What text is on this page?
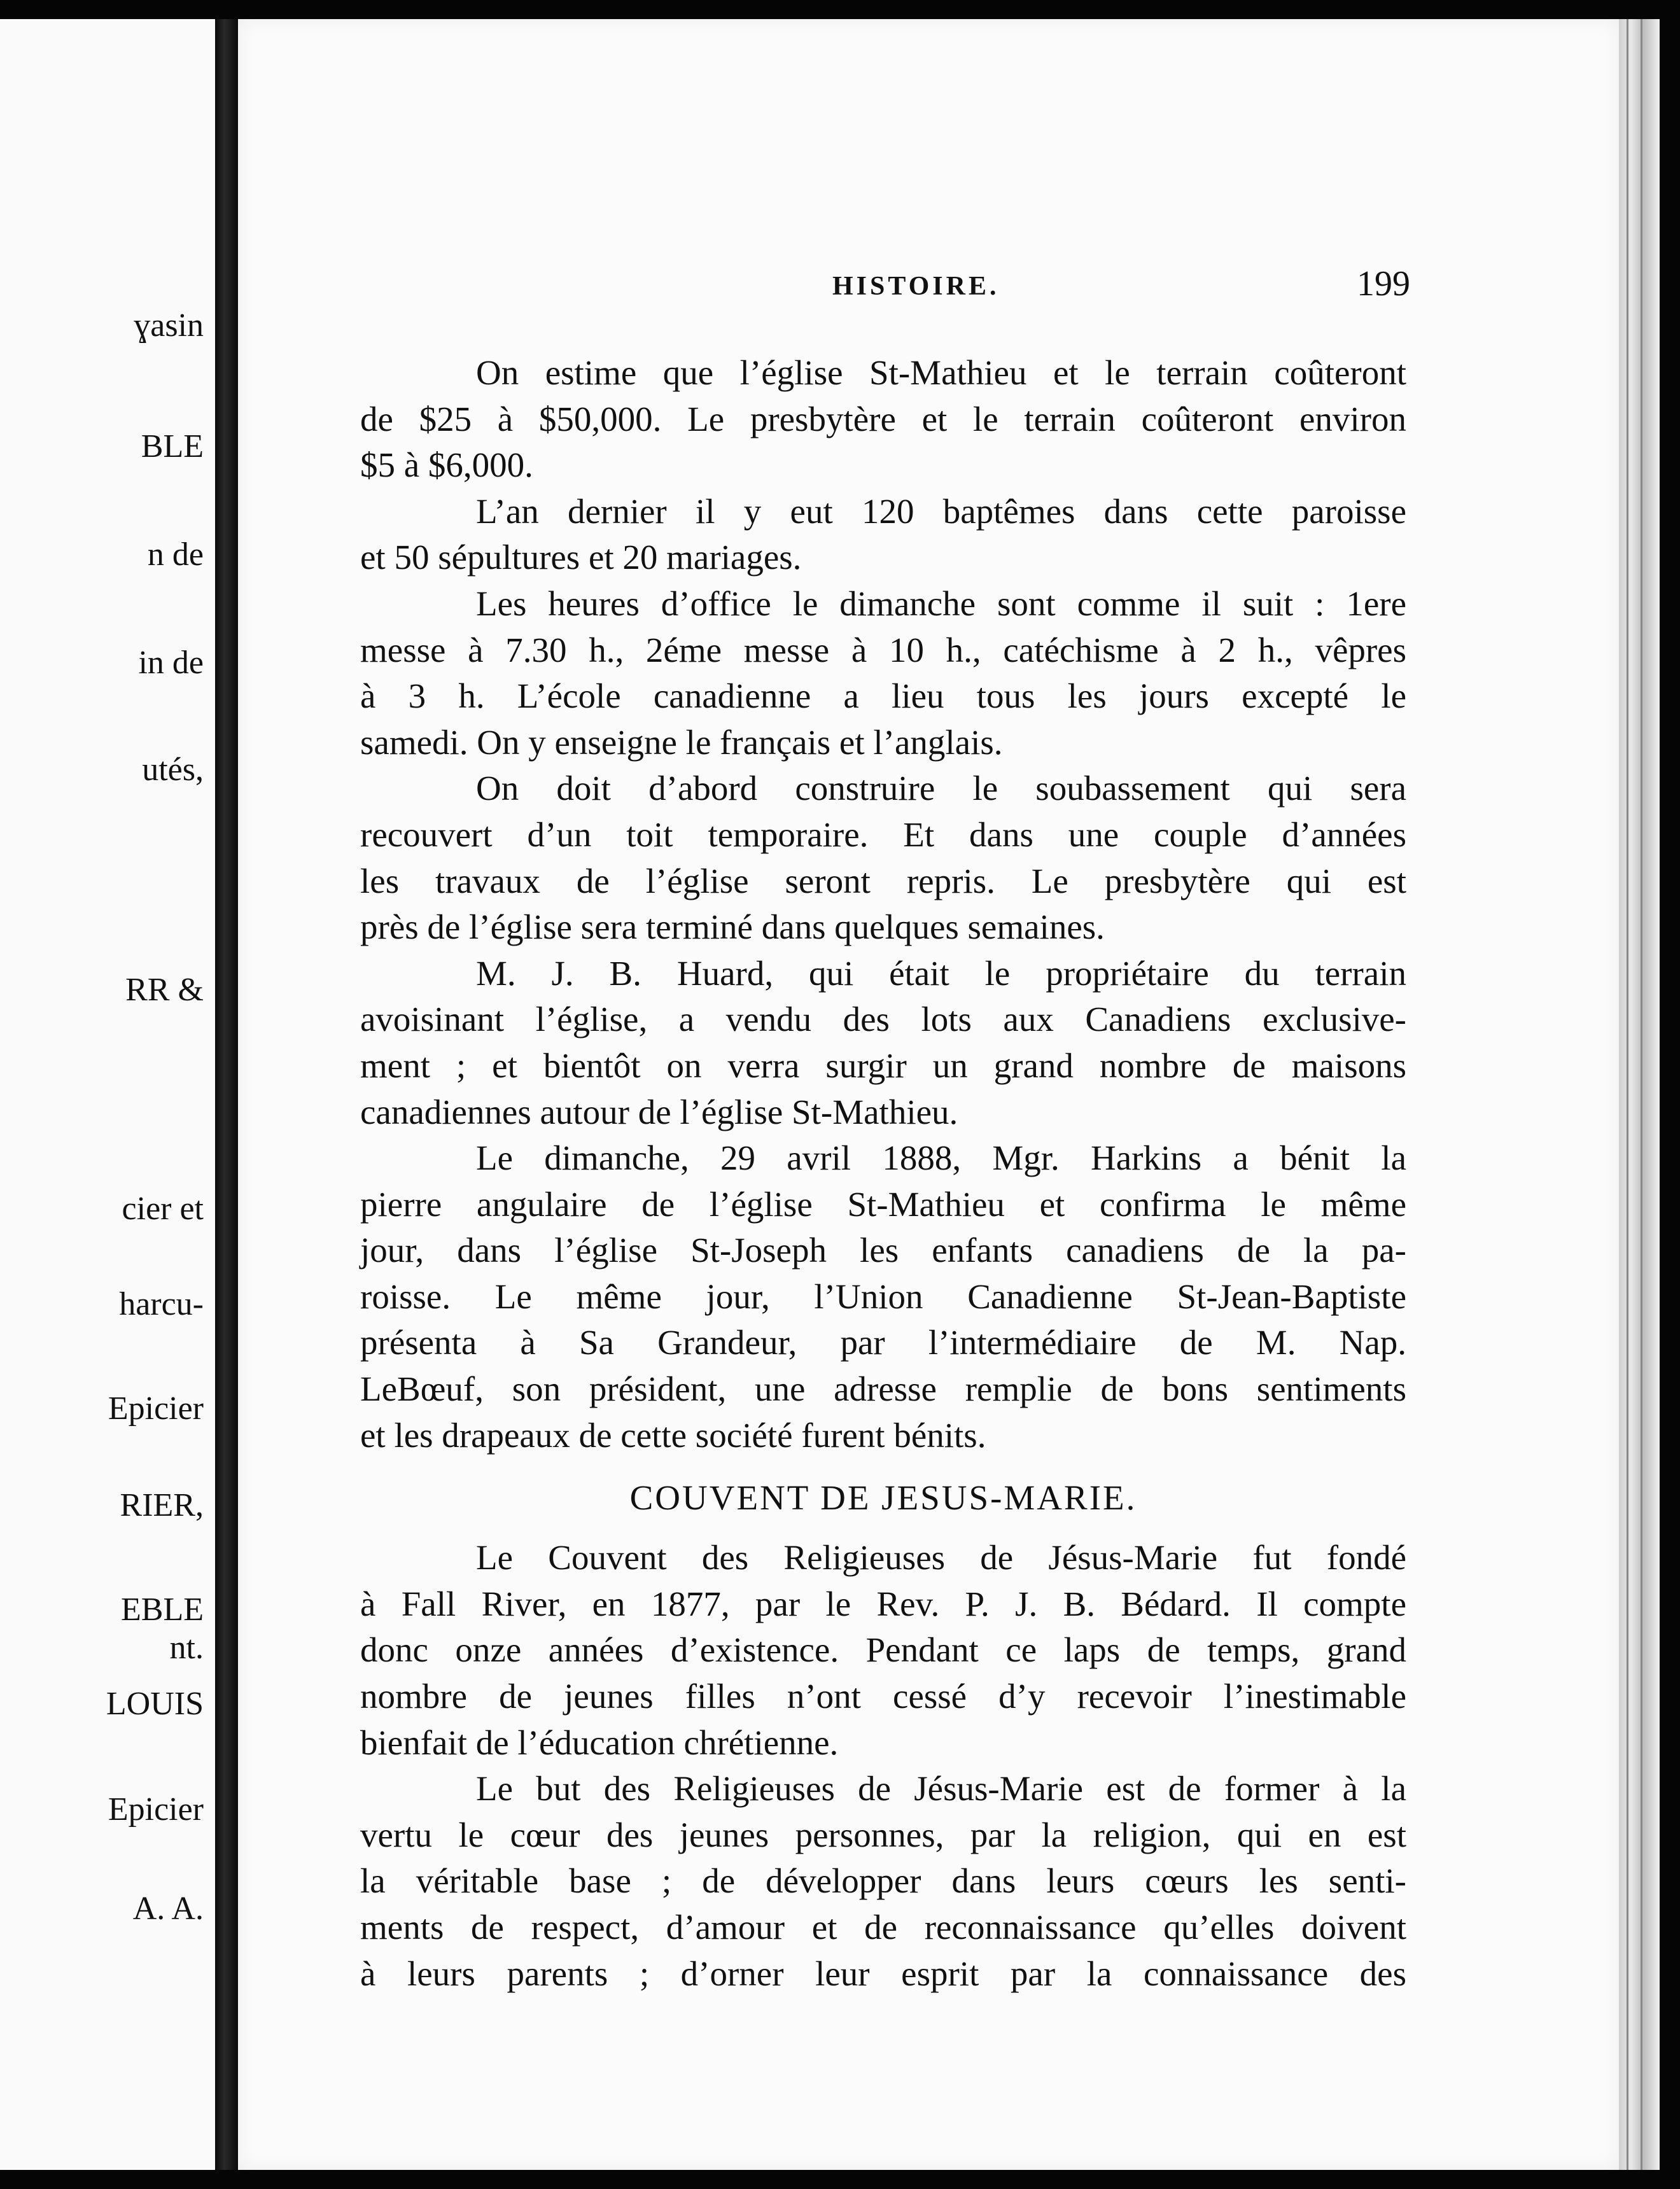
ɣasin
BLE
n de
in de
utés,
RR &
cier et
harcu-
Epicier
RIER,
EBLE
nt.
LOUIS
Epicier
A. A.
HISTOIRE.	199
On estime que l’église St-Mathieu et le terrain coûteront
de $25 à $50,000. Le presbytère et le terrain coûteront environ
$5 à $6,000.
L’an dernier il y eut 120 baptêmes dans cette paroisse
et 50 sépultures et 20 mariages.
Les heures d’office le dimanche sont comme il suit : 1ere
messe à 7.30 h., 2éme messe à 10 h., catéchisme à 2 h., vêpres
à 3 h. L’école canadienne a lieu tous les jours excepté le
samedi. On y enseigne le français et l’anglais.
On doit d’abord construire le soubassement qui sera
recouvert d’un toit temporaire. Et dans une couple d’années
les travaux de l’église seront repris. Le presbytère qui est
près de l’église sera terminé dans quelques semaines.
M. J. B. Huard, qui était le propriétaire du terrain
avoisinant l’église, a vendu des lots aux Canadiens exclusive-
ment ; et bientôt on verra surgir un grand nombre de maisons
canadiennes autour de l’église St-Mathieu.
Le dimanche, 29 avril 1888, Mgr. Harkins a bénit la
pierre angulaire de l’église St-Mathieu et confirma le même
jour, dans l’église St-Joseph les enfants canadiens de la pa-
roisse. Le même jour, l’Union Canadienne St-Jean-Baptiste
présenta à Sa Grandeur, par l’intermédiaire de M. Nap.
LeBœuf, son président, une adresse remplie de bons sentiments
et les drapeaux de cette société furent bénits.
COUVENT DE JESUS-MARIE.
Le Couvent des Religieuses de Jésus-Marie fut fondé
à Fall River, en 1877, par le Rev. P. J. B. Bédard. Il compte
donc onze années d’existence. Pendant ce laps de temps, grand
nombre de jeunes filles n’ont cessé d’y recevoir l’inestimable
bienfait de l’éducation chrétienne.
Le but des Religieuses de Jésus-Marie est de former à la
vertu le cœur des jeunes personnes, par la religion, qui en est
la véritable base ; de développer dans leurs cœurs les senti-
ments de respect, d’amour et de reconnaissance qu’elles doivent
à leurs parents ; d’orner leur esprit par la connaissance des
